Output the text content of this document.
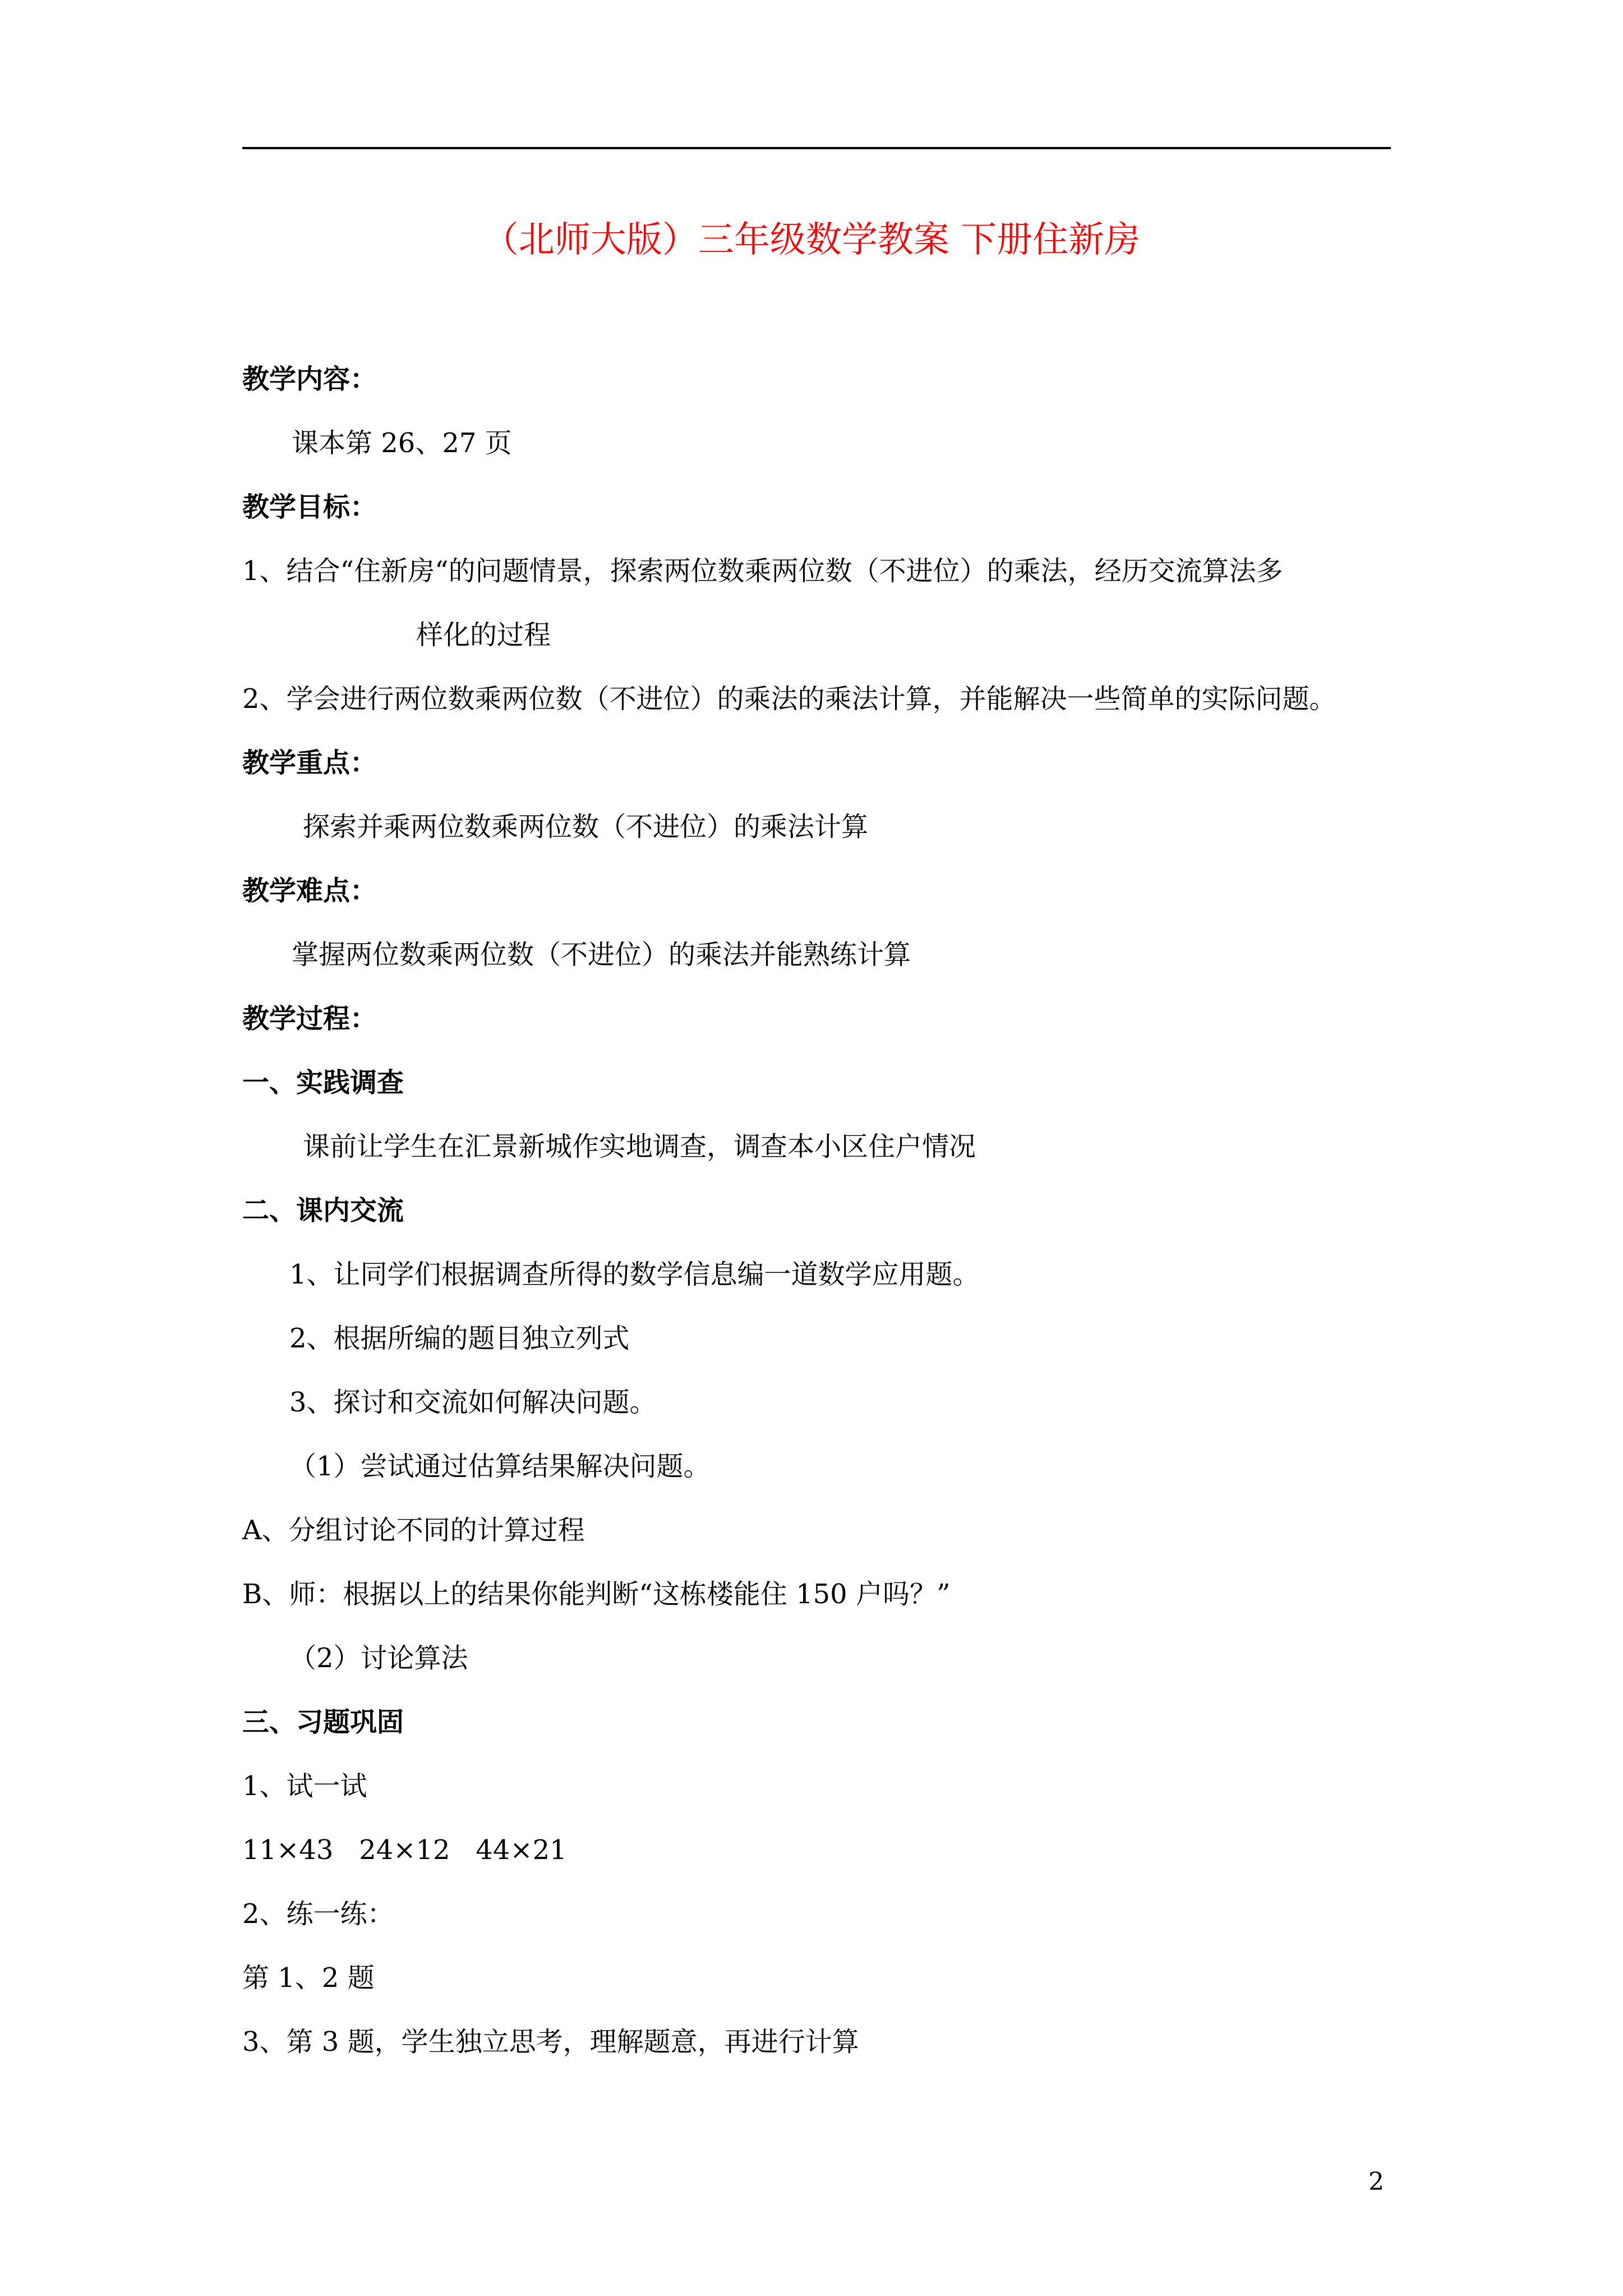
（北师大版）三年级数学教案 下册住新房

教学内容：

课本第 26、27 页

教学目标：

1、结合“住新房“的问题情景，探索两位数乘两位数（不进位）的乘法，经历交流算法多

样化的过程

2、学会进行两位数乘两位数（不进位）的乘法的乘法计算，并能解决一些简单的实际问题。

教学重点：

探索并乘两位数乘两位数（不进位）的乘法计算

教学难点：

掌握两位数乘两位数（不进位）的乘法并能熟练计算

教学过程：

一、实践调查

课前让学生在汇景新城作实地调查，调查本小区住户情况

二、课内交流

1、让同学们根据调查所得的数学信息编一道数学应用题。

2、根据所编的题目独立列式

3、探讨和交流如何解决问题。

（1）尝试通过估算结果解决问题。

A、分组讨论不同的计算过程

B、师：根据以上的结果你能判断“这栋楼能住 150 户吗？”

（2）讨论算法

三、习题巩固

1、试一试

11×43   24×12   44×21

2、练一练：

第 1、2 题

3、第 3 题，学生独立思考，理解题意，再进行计算

2
